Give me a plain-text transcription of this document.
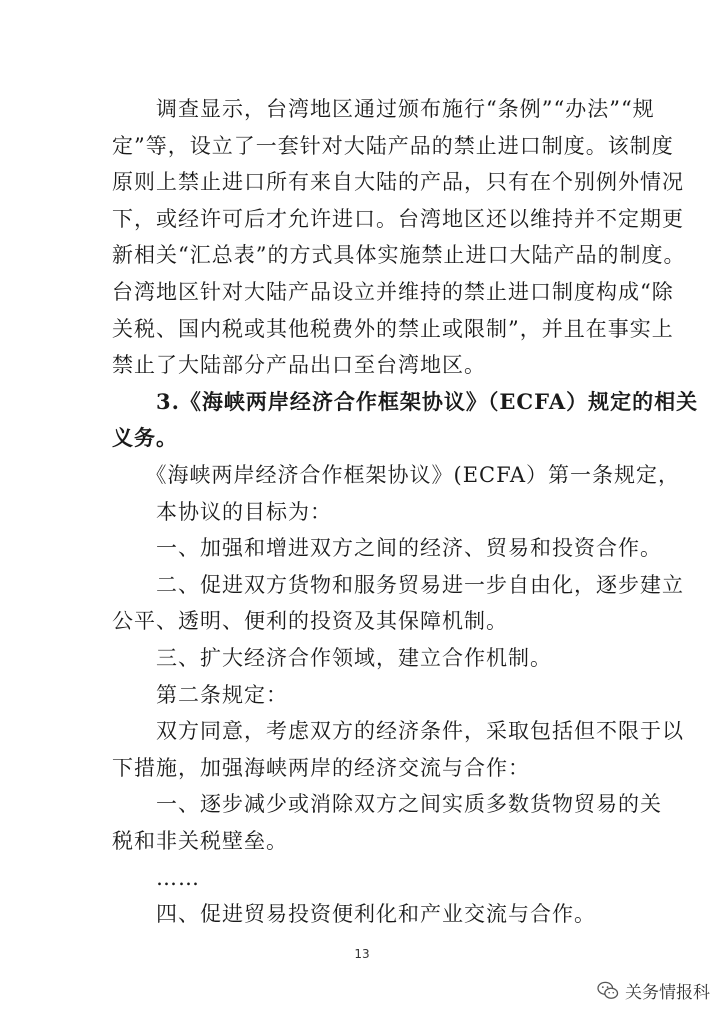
　　调查显示，台湾地区通过颁布施行“条例”“办法”“规
定”等，设立了一套针对大陆产品的禁止进口制度。该制度
原则上禁止进口所有来自大陆的产品，只有在个别例外情况
下，或经许可后才允许进口。台湾地区还以维持并不定期更
新相关“汇总表”的方式具体实施禁止进口大陆产品的制度。
台湾地区针对大陆产品设立并维持的禁止进口制度构成“除
关税、国内税或其他税费外的禁止或限制”，并且在事实上
禁止了大陆部分产品出口至台湾地区。
　　3.《海峡两岸经济合作框架协议》（ECFA）规定的相关
义务。
　　《海峡两岸经济合作框架协议》(ECFA）第一条规定，
　　本协议的目标为：
　　一、加强和增进双方之间的经济、贸易和投资合作。
　　二、促进双方货物和服务贸易进一步自由化，逐步建立
公平、透明、便利的投资及其保障机制。
　　三、扩大经济合作领域，建立合作机制。
　　第二条规定：
　　双方同意，考虑双方的经济条件，采取包括但不限于以
下措施，加强海峡两岸的经济交流与合作：
　　一、逐步减少或消除双方之间实质多数货物贸易的关
税和非关税壁垒。
　　……
　　四、促进贸易投资便利化和产业交流与合作。
13
关务情报科
